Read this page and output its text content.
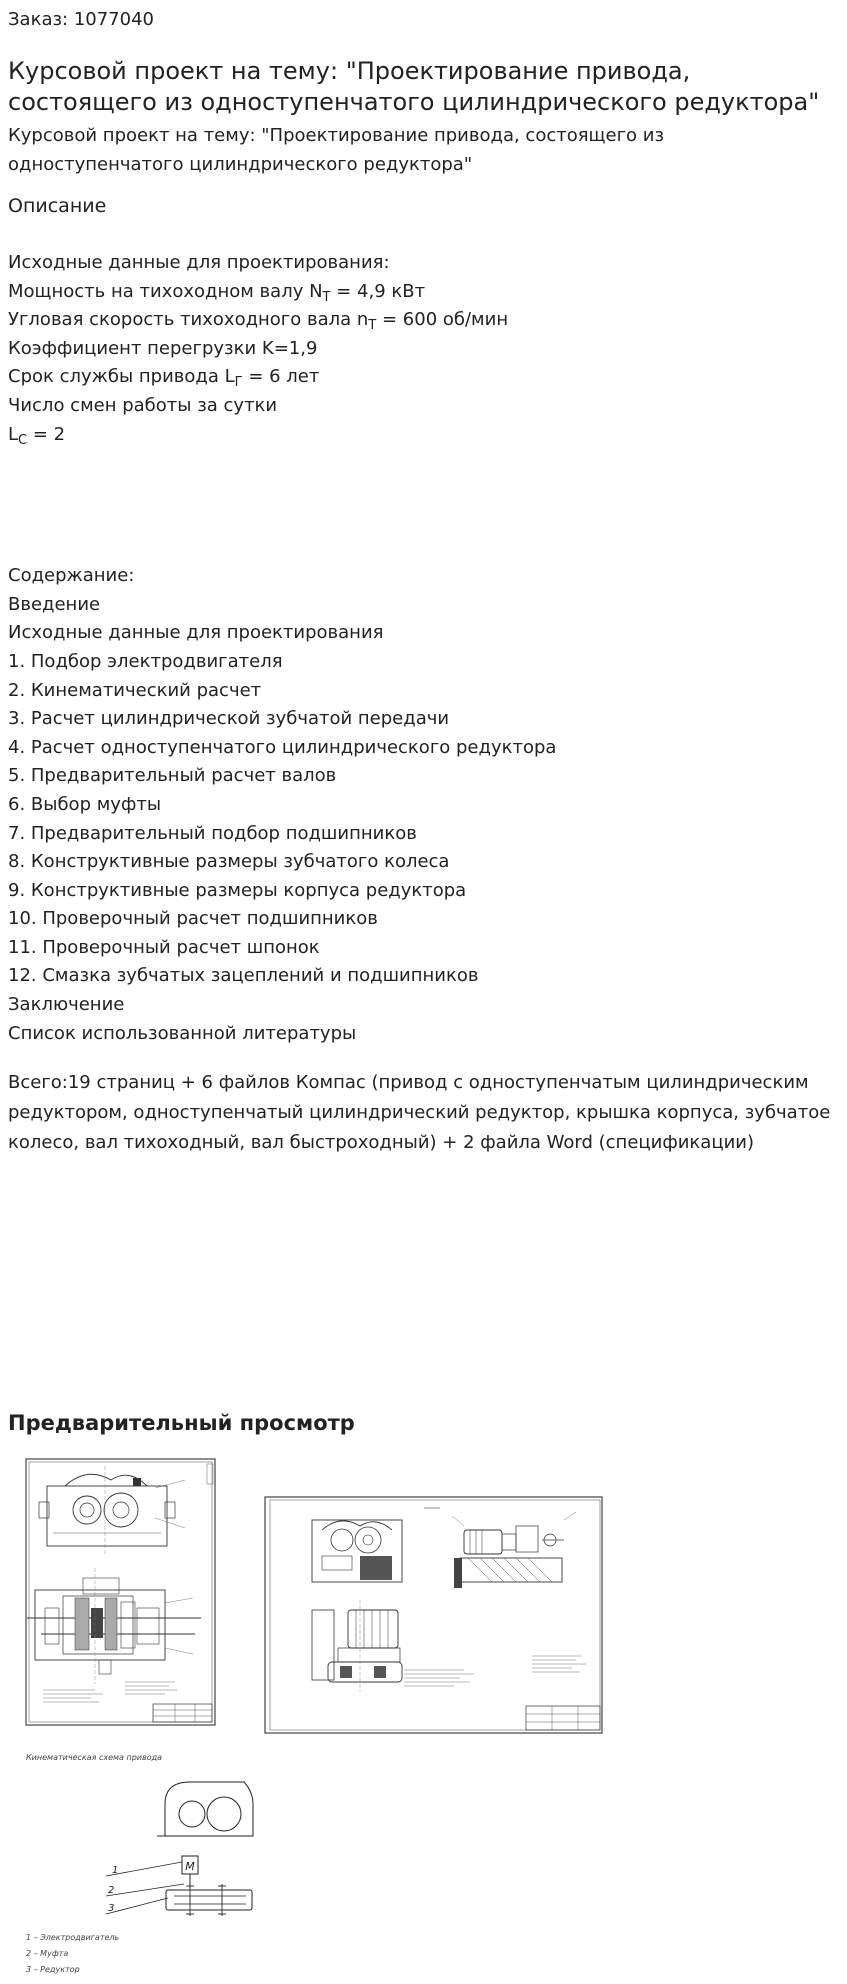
Заказ: 1077040
Курсовой проект на тему: "Проектирование привода, состоящего из одноступенчатого цилиндрического редуктора"
Курсовой проект на тему: "Проектирование привода, состоящего из одноступенчатого цилиндрического редуктора"
Описание
Исходные данные для проектирования:
Мощность на тихоходном валу $N_T = 4,9$ кВт
Угловая скорость тихоходного вала $n_T = 600$ об/мин
Коэффициент перегрузки K=1,9
Срок службы привода $L_Г = 6$ лет
Число смен работы за сутки
$L_C = 2$
Содержание:
Введение
Исходные данные для проектирования
1. Подбор электродвигателя
2. Кинематический расчет
3. Расчет цилиндрической зубчатой передачи
4. Расчет одноступенчатого цилиндрического редуктора
5. Предварительный расчет валов
6. Выбор муфты
7. Предварительный подбор подшипников
8. Конструктивные размеры зубчатого колеса
9. Конструктивные размеры корпуса редуктора
10. Проверочный расчет подшипников
11. Проверочный расчет шпонок
12. Смазка зубчатых зацеплений и подшипников
Заключение
Список использованной литературы
Всего:19 страниц + 6 файлов Компас (привод с одноступенчатым цилиндрическим редуктором, одноступенчатый цилиндрический редуктор, крышка корпуса, зубчатое колесо, вал тихоходный, вал быстроходный) + 2 файла Word (спецификации)
Предварительный просмотр
Кинематическая схема привода
M
1
2
3
1 – Электродвигатель
2 – Муфта
3 – Редуктор
